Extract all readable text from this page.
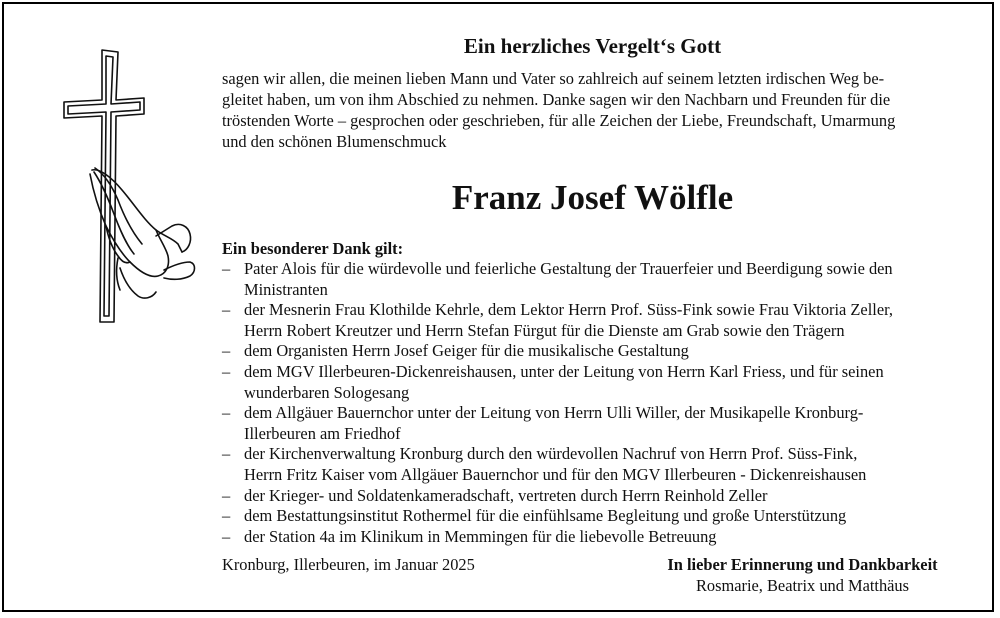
Ein herzliches Vergelt‘s Gott
sagen wir allen, die meinen lieben Mann und Vater so zahlreich auf seinem letzten irdischen Weg be-
gleitet haben, um von ihm Abschied zu nehmen. Danke sagen wir den Nachbarn und Freunden für die
tröstenden Worte – gesprochen oder geschrieben, für alle Zeichen der Liebe, Freundschaft, Umarmung
und den schönen Blumenschmuck
Franz Josef Wölfle
Ein besonderer Dank gilt:
– Pater Alois für die würdevolle und feierliche Gestaltung der Trauerfeier und Beerdigung sowie den
Ministranten
– der Mesnerin Frau Klothilde Kehrle, dem Lektor Herrn Prof. Süss-Fink sowie Frau Viktoria Zeller,
Herrn Robert Kreutzer und Herrn Stefan Fürgut für die Dienste am Grab sowie den Trägern
– dem Organisten Herrn Josef Geiger für die musikalische Gestaltung
– dem MGV Illerbeuren-Dickenreishausen, unter der Leitung von Herrn Karl Friess, und für seinen
wunderbaren Sologesang
– dem Allgäuer Bauernchor unter der Leitung von Herrn Ulli Willer, der Musikapelle Kronburg-
Illerbeuren am Friedhof
– der Kirchenverwaltung Kronburg durch den würdevollen Nachruf von Herrn Prof. Süss-Fink,
Herrn Fritz Kaiser vom Allgäuer Bauernchor und für den MGV Illerbeuren - Dickenreishausen
– der Krieger- und Soldatenkameradschaft, vertreten durch Herrn Reinhold Zeller
– dem Bestattungsinstitut Rothermel für die einfühlsame Begleitung und große Unterstützung
– der Station 4a im Klinikum in Memmingen für die liebevolle Betreuung
Kronburg, Illerbeuren, im Januar 2025	In lieber Erinnerung und Dankbarkeit
Rosmarie, Beatrix und Matthäus
